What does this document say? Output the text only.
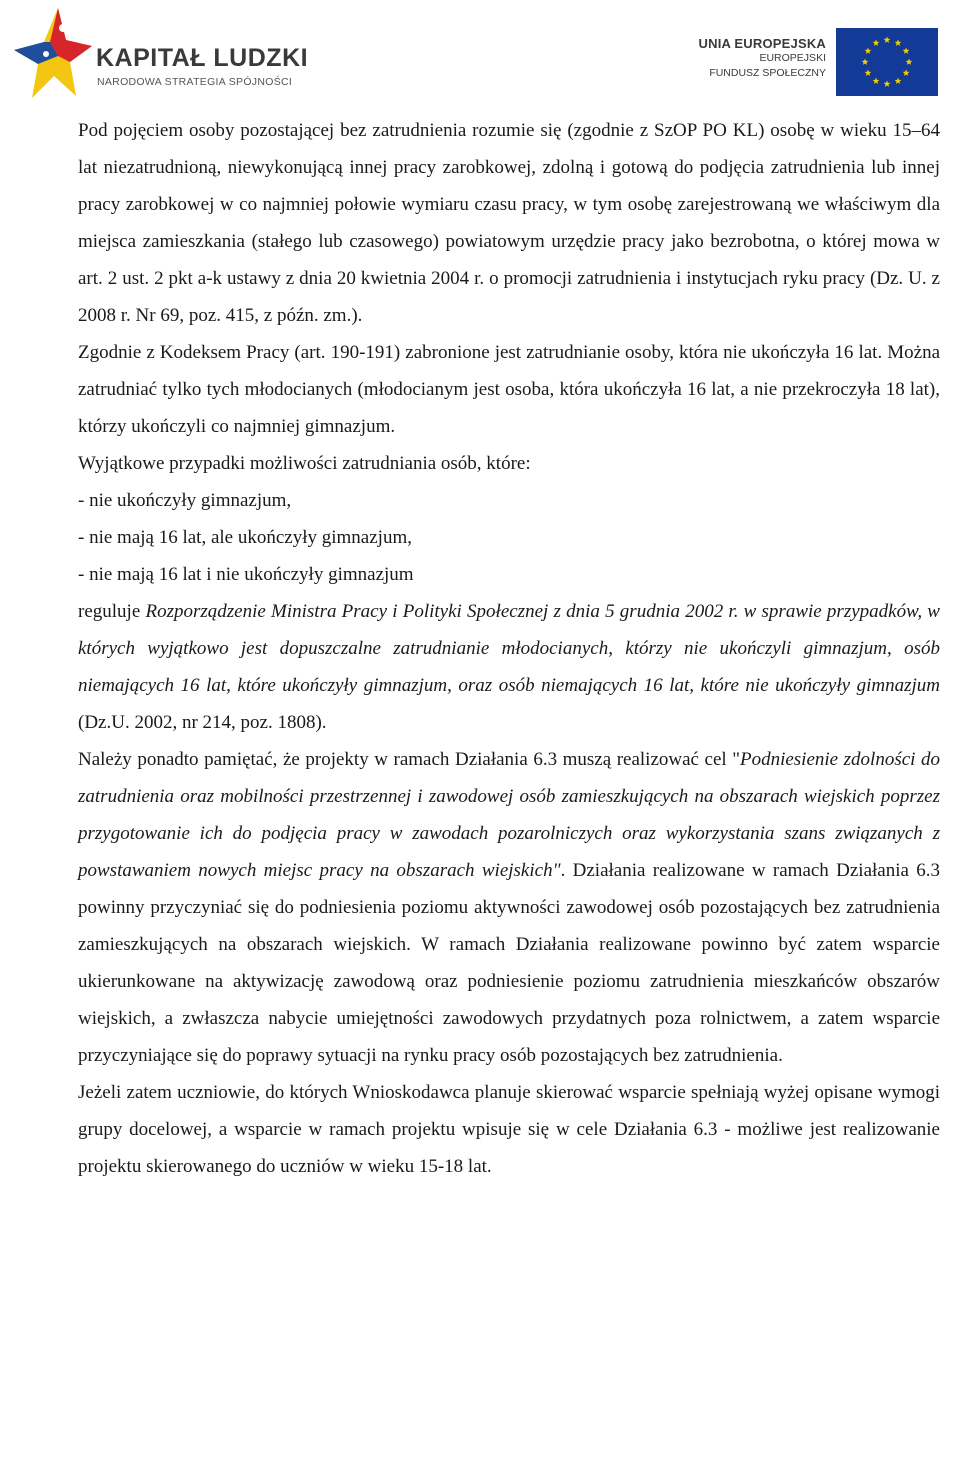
KAPITAŁ LUDZKI
NARODOWA STRATEGIA SPÓJNOŚCI
UNIA EUROPEJSKA
EUROPEJSKI
FUNDUSZ SPOŁECZNY

Pod pojęciem osoby pozostającej bez zatrudnienia rozumie się (zgodnie z SzOP PO KL) osobę w wieku 15–64 lat niezatrudnioną, niewykonującą innej pracy zarobkowej, zdolną i gotową do podjęcia zatrudnienia lub innej pracy zarobkowej w co najmniej połowie wymiaru czasu pracy, w tym osobę zarejestrowaną we właściwym dla miejsca zamieszkania (stałego lub czasowego) powiatowym urzędzie pracy jako bezrobotna, o której mowa w art. 2 ust. 2 pkt a-k ustawy z dnia 20 kwietnia 2004 r. o promocji zatrudnienia i instytucjach ryku pracy (Dz. U. z 2008 r. Nr 69, poz. 415, z późn. zm.).

Zgodnie z Kodeksem Pracy (art. 190-191) zabronione jest zatrudnianie osoby, która nie ukończyła 16 lat. Można zatrudniać tylko tych młodocianych (młodocianym jest osoba, która ukończyła 16 lat, a nie przekroczyła 18 lat), którzy ukończyli co najmniej gimnazjum.

Wyjątkowe przypadki możliwości zatrudniania osób, które:

- nie ukończyły gimnazjum,
- nie mają 16 lat, ale ukończyły gimnazjum,
- nie mają 16 lat i nie ukończyły gimnazjum

reguluje Rozporządzenie Ministra Pracy i Polityki Społecznej z dnia 5 grudnia 2002 r. w sprawie przypadków, w których wyjątkowo jest dopuszczalne zatrudnianie młodocianych, którzy nie ukończyli gimnazjum, osób niemających 16 lat, które ukończyły gimnazjum, oraz osób niemających 16 lat, które nie ukończyły gimnazjum (Dz.U. 2002, nr 214, poz. 1808).

Należy ponadto pamiętać, że projekty w ramach Działania 6.3 muszą realizować cel "Podniesienie zdolności do zatrudnienia oraz mobilności przestrzennej i zawodowej osób zamieszkujących na obszarach wiejskich poprzez przygotowanie ich do podjęcia pracy w zawodach pozarolniczych oraz wykorzystania szans związanych z powstawaniem nowych miejsc pracy na obszarach wiejskich". Działania realizowane w ramach Działania 6.3 powinny przyczyniać się do podniesienia poziomu aktywności zawodowej osób pozostających bez zatrudnienia zamieszkujących na obszarach wiejskich. W ramach Działania realizowane powinno być zatem wsparcie ukierunkowane na aktywizację zawodową oraz podniesienie poziomu zatrudnienia mieszkańców obszarów wiejskich, a zwłaszcza nabycie umiejętności zawodowych przydatnych poza rolnictwem, a zatem wsparcie przyczyniające się do poprawy sytuacji na rynku pracy osób pozostających bez zatrudnienia.

Jeżeli zatem uczniowie, do których Wnioskodawca planuje skierować wsparcie spełniają wyżej opisane wymogi grupy docelowej, a wsparcie w ramach projektu wpisuje się w cele Działania 6.3 - możliwe jest realizowanie projektu skierowanego do uczniów w wieku 15-18 lat.
